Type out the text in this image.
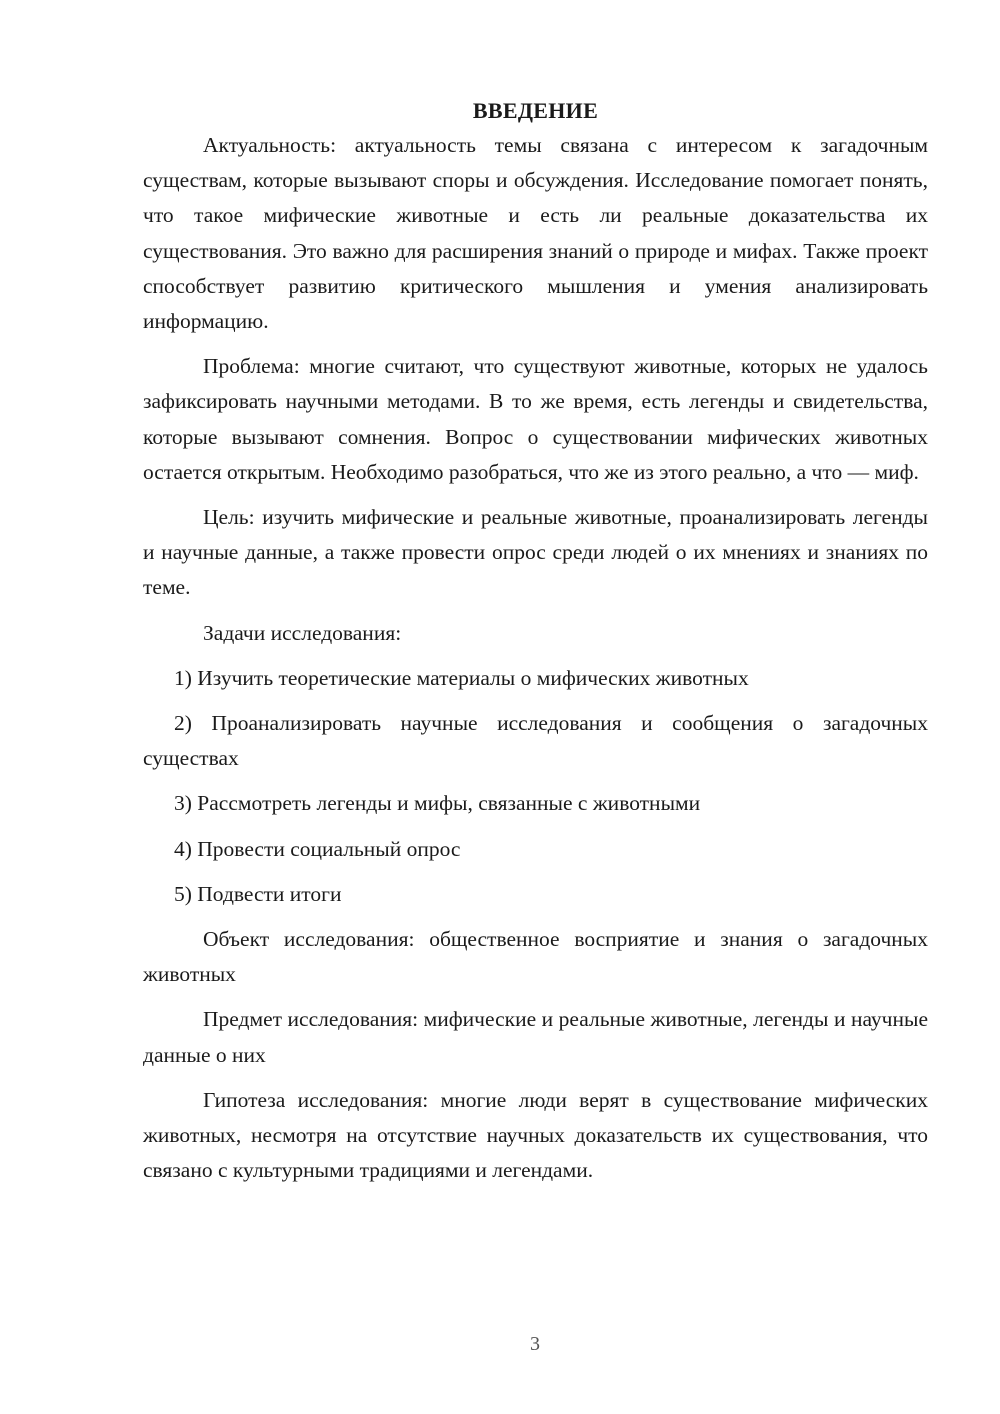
ВВЕДЕНИЕ

Актуальность: актуальность темы связана с интересом к загадочным существам, которые вызывают споры и обсуждения. Исследование помогает понять, что такое мифические животные и есть ли реальные доказательства их существования. Это важно для расширения знаний о природе и мифах. Также проект способствует развитию критического мышления и умения анализировать информацию.

Проблема: многие считают, что существуют животные, которых не удалось зафиксировать научными методами. В то же время, есть легенды и свидетельства, которые вызывают сомнения. Вопрос о существовании мифических животных остается открытым. Необходимо разобраться, что же из этого реально, а что — миф.

Цель: изучить мифические и реальные животные, проанализировать легенды и научные данные, а также провести опрос среди людей о их мнениях и знаниях по теме.

Задачи исследования:

1) Изучить теоретические материалы о мифических животных

2) Проанализировать научные исследования и сообщения о загадочных существах

3) Рассмотреть легенды и мифы, связанные с животными

4) Провести социальный опрос

5) Подвести итоги

Объект исследования: общественное восприятие и знания о загадочных животных

Предмет исследования: мифические и реальные животные, легенды и научные данные о них

Гипотеза исследования: многие люди верят в существование мифических животных, несмотря на отсутствие научных доказательств их существования, что связано с культурными традициями и легендами.

3
